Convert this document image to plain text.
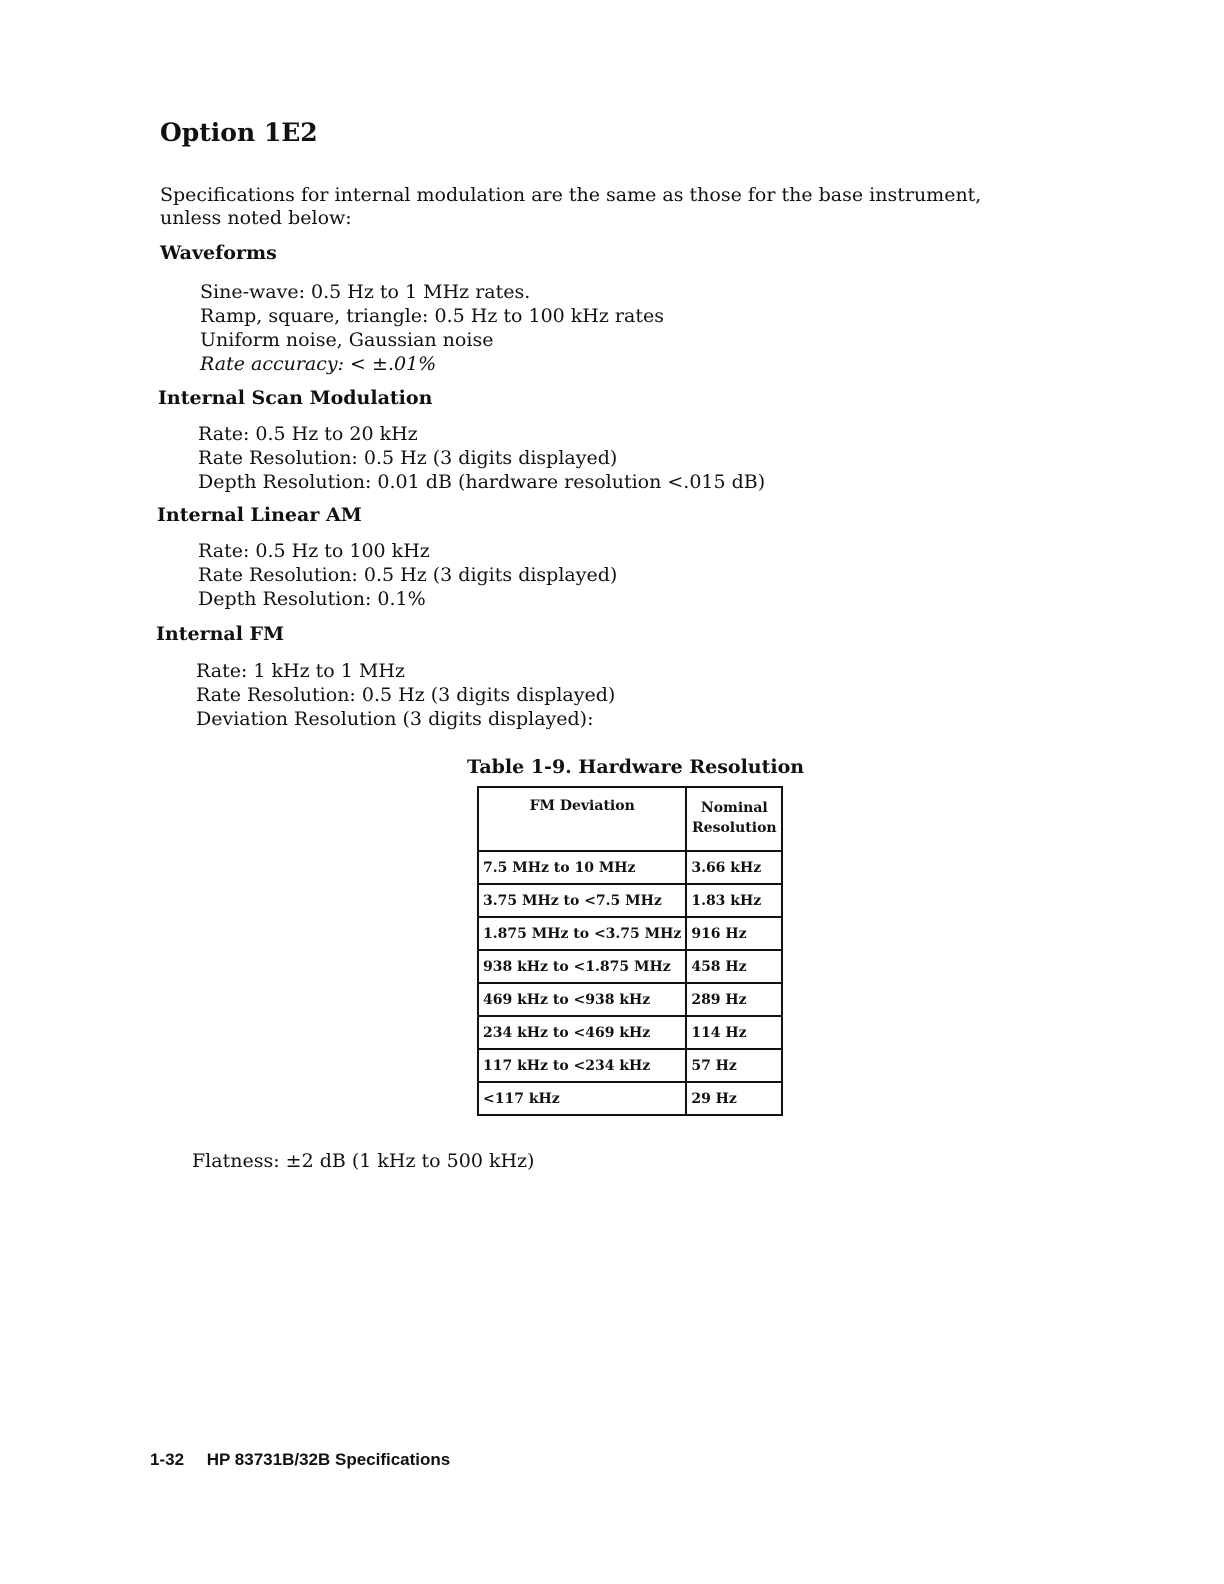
Option 1E2

Specifications for internal modulation are the same as those for the base instrument, unless noted below:

Waveforms
Sine-wave: 0.5 Hz to 1 MHz rates.
Ramp, square, triangle: 0.5 Hz to 100 kHz rates
Uniform noise, Gaussian noise
Rate accuracy: < ±.01%
Internal Scan Modulation
Rate: 0.5 Hz to 20 kHz
Rate Resolution: 0.5 Hz (3 digits displayed)
Depth Resolution: 0.01 dB (hardware resolution <.015 dB)
Internal Linear AM
Rate: 0.5 Hz to 100 kHz
Rate Resolution: 0.5 Hz (3 digits displayed)
Depth Resolution: 0.1%
Internal FM
Rate: 1 kHz to 1 MHz
Rate Resolution: 0.5 Hz (3 digits displayed)
Deviation Resolution (3 digits displayed):
Table 1-9. Hardware Resolution
FM Deviation	Nominal Resolution
7.5 MHz to 10 MHz	3.66 kHz
3.75 MHz to <7.5 MHz	1.83 kHz
1.875 MHz to <3.75 MHz	916 Hz
938 kHz to <1.875 MHz	458 Hz
469 kHz to <938 kHz	289 Hz
234 kHz to <469 kHz	114 Hz
117 kHz to <234 kHz	57 Hz
<117 kHz	29 Hz
Flatness: ±2 dB (1 kHz to 500 kHz)
1-32 HP 83731B/32B Specifications
